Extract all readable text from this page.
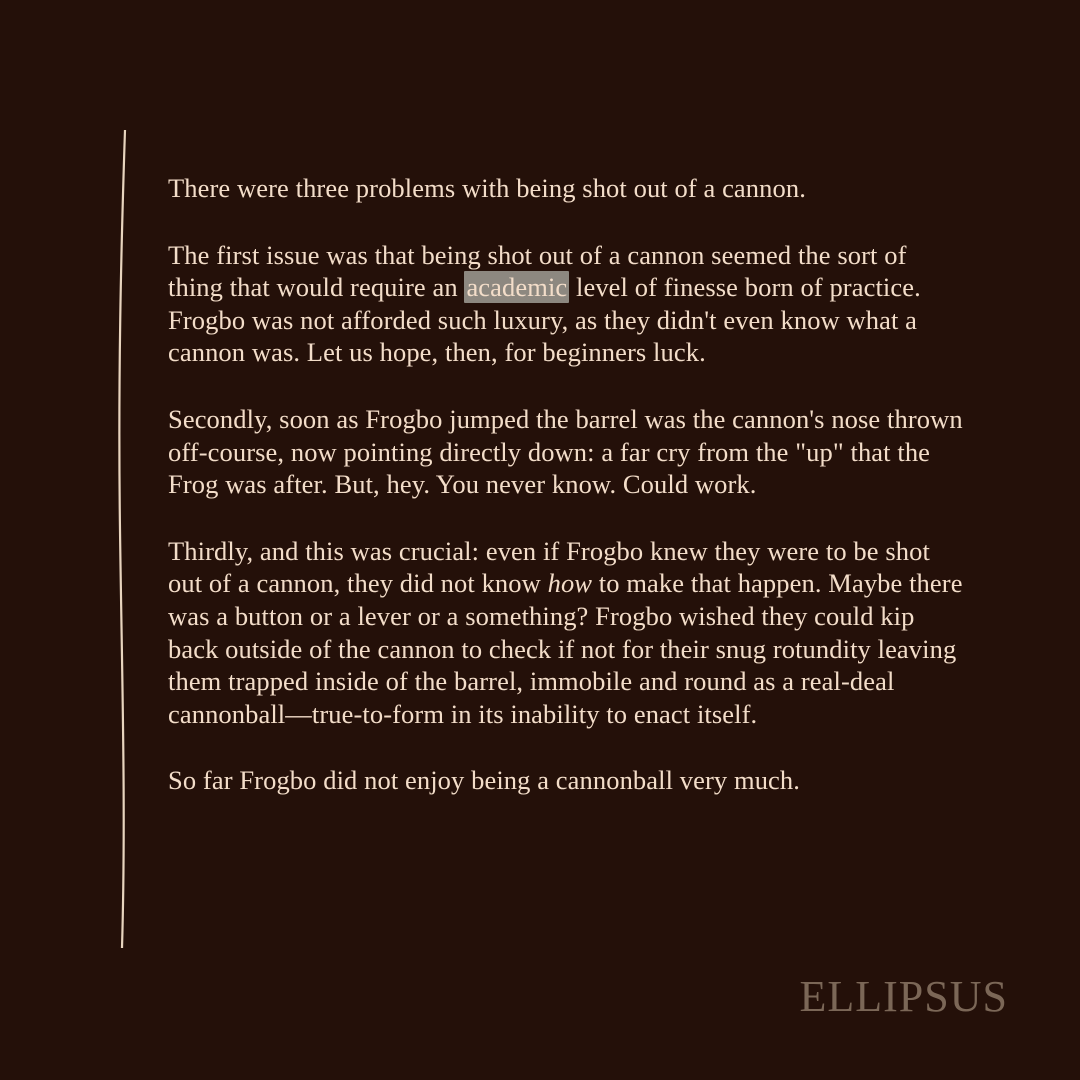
There were three problems with being shot out of a cannon.

The first issue was that being shot out of a cannon seemed the sort of thing that would require an academic level of finesse born of practice. Frogbo was not afforded such luxury, as they didn't even know what a cannon was. Let us hope, then, for beginners luck.

Secondly, soon as Frogbo jumped the barrel was the cannon's nose thrown off-course, now pointing directly down: a far cry from the "up" that the Frog was after. But, hey. You never know. Could work.

Thirdly, and this was crucial: even if Frogbo knew they were to be shot out of a cannon, they did not know how to make that happen. Maybe there was a button or a lever or a something? Frogbo wished they could kip back outside of the cannon to check if not for their snug rotundity leaving them trapped inside of the barrel, immobile and round as a real-deal cannonball—true-to-form in its inability to enact itself.

So far Frogbo did not enjoy being a cannonball very much.

ELLIPSUS
